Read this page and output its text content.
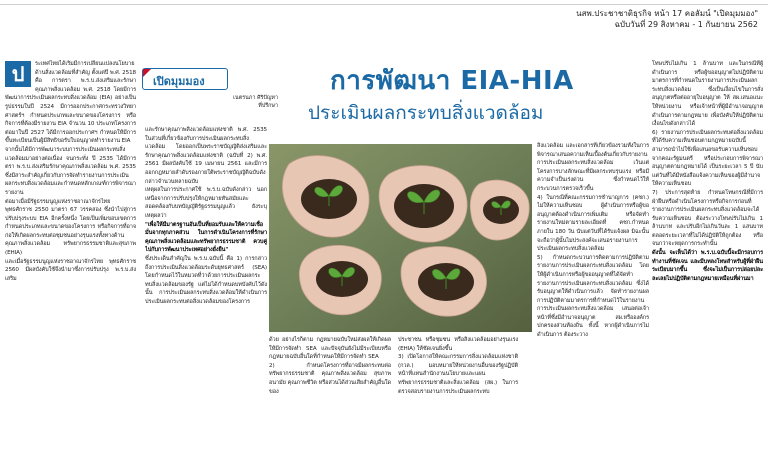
นสพ.ประชาชาติธุรกิจ หน้า 17 คอลัมน์ "เปิดมุมมอง"
ฉบับวันที่ 29 สิงหาคม - 1 กันยายน 2562
ป	ระเทศไทยได้เริ่มมีการเปลี่ยนแปลงนโยบายด้านสิ่งแวดล้อมที่สำคัญ ตั้งแต่ปี พ.ศ. 2518 คือ การตรา พ.ร.บ.ส่งเสริมและรักษาคุณภาพสิ่งแวดล้อม พ.ศ. 2518 โดยมีการพัฒนาการประเมินผลกระทบสิ่งแวดล้อม (EIA) อย่างเป็นรูปธรรมในปี 2524 มีการออกประกาศกระทรวงวิทยาศาสตร์ฯ กำหนดประเภทและขนาดของโครงการ หรือกิจการที่ต้องมีรายงาน EIA จำนวน 10 ประเภทโครงการ ต่อมาในปี 2527 ได้มีการออกประกาศฯ กำหนดให้มีการขึ้นทะเบียนเป็นผู้มีสิทธิขอรับใบอนุญาตทำรายงาน EIA

จากนั้นได้มีการพัฒนาระบบการประเมินผลกระทบสิ่งแวดล้อมมาอย่างต่อเนื่อง จนกระทั่ง ปี 2535 ได้มีการตรา พ.ร.บ.ส่งเสริมรักษาคุณภาพสิ่งแวดล้อม พ.ศ. 2535 ซึ่งมีสาระสำคัญเกี่ยวกับการจัดทำรายงานการประเมินผลกระทบสิ่งแวดล้อมและกำหนดหลักเกณฑ์การพิจารณารายงาน

ต่อมาเมื่อมีรัฐธรรมนูญแห่งราชอาณาจักรไทย พุทธศักราช 2550 มาตรา 67 วรรคสอง ซึ่งนำไปสู่การปรับปรุงระบบ EIA อีกครั้งหนึ่ง โดยเป็นเพิ่มขอบเขตการกำหนดประเภทและขนาดของโครงการ หรือกิจการที่อาจก่อให้เกิดผลกระทบต่อชุมชนอย่างรุนแรงทั้งทางด้านคุณภาพสิ่งแวดล้อม ทรัพยากรธรรมชาติและสุขภาพ (EHIA)

และเมื่อรัฐธรรมนูญแห่งราชอาณาจักรไทย พุทธศักราช 2560 มีผลบังคับใช้จึงนำมาซึ่งการปรับปรุง พ.ร.บ.ส่งเสริม

เปิดมุมมอง
เนตรนภา ศิริปัญหา
ที่ปรึกษา
การพัฒนา EIA-HIA
ประเมินผลกระทบสิ่งแวดล้อม

และรักษาคุณภาพสิ่งแวดล้อมแห่งชาติ พ.ศ. 2535 ในส่วนที่เกี่ยวข้องกับการประเมินผลกระทบสิ่งแวดล้อม โดยออกเป็นพระราชบัญญัติส่งเสริมและรักษาคุณภาพสิ่งแวดล้อมแห่งชาติ (ฉบับที่ 2) พ.ศ. 2561 มีผลบังคับใช้ 19 เมษายน 2561 และมีการออกกฎหมายลำดับรองภายใต้พระราชบัญญัติฉบับดังกล่าวจำนวนหลายฉบับ

เหตุผลในการประกาศใช้ พ.ร.บ.ฉบับดังกล่าว นอกเหนือจากการปรับปรุงให้กฎหมายทันสมัยและสอดคล้องกับบทบัญญัติรัฐธรรมนูญแล้ว ยังระบุเหตุผลว่า

"เพื่อให้มีมาตรฐานอันเป็นที่ยอมรับและให้ความเชื่อมั่นจากทุกภาคส่วน ในการดำเนินโครงการที่รักษาคุณภาพสิ่งแวดล้อมและทรัพยากรธรรมชาติ ควบคู่ไปกับการพัฒนาประเทศอย่างยั่งยืน"

ซึ่งประเด็นสำคัญใน พ.ร.บ.ฉบับนี้ คือ 1) การกล่าวถึงการประเมินสิ่งแวดล้อมระดับยุทธศาสตร์ (SEA) โดยกำหนดไว้ในหมวดที่ว่าด้วยการประเมินผลกระทบสิ่งแวดล้อมของรัฐ แต่ไม่ได้กำหนดบทบังคับไว้ดังนั้น การประเมินผลกระทบสิ่งแวดล้อมให้ดำเนินการประเมินผลกระทบต่อสิ่งแวดล้อมของโครงการ

ด้วย อย่างไรก็ตาม กฎหมายฉบับใหม่ส่งผลให้เกิดผลให้มีการจัดทำ SEA และปัจจุบันยังไม่มีระเบียบหรือกฎหมายฉบับอื่นใดที่กำหนดให้มีการจัดทำ SEA

2) กำหนดโครงการที่อาจมีผลกระทบต่อทรัพยากรธรรมชาติ คุณภาพสิ่งแวดล้อม สุขภาพ อนามัย คุณภาพชีวิต หรือส่วนได้ส่วนเสียสำคัญอื่นใดของ

ประชาชน หรือชุมชน หรือสิ่งแวดล้อมอย่างรุนแรง (EHIA) ให้ชัดเจนยิ่งขึ้น

3) เปิดโอกาสให้คณะกรรมการสิ่งแวดล้อมแห่งชาติ (กวล.) มอบหมายให้หน่วยงานอื่นของรัฐปฏิบัติหน้าที่แทนสำนักงานนโยบายและแผนทรัพยากรธรรมชาติและสิ่งแวดล้อม (สผ.) ในการตรวจสอบรายงานการประเมินผลกระทบ

สิ่งแวดล้อม และเอกสารที่เกี่ยวข้องรวมทั้งในการพิจารณาเสนอความเห็นเบื้องต้นเกี่ยวกับรายงานการประเมินผลกระทบสิ่งแวดล้อม เว้นแต่โครงการบางลักษณะที่มีผลกระทบรุนแรง หรือมีความจำเป็นเร่งด่วน ซึ่งกำหนดไว้ให้กระบวนการตรวจเร็วขึ้น

4) ในกรณีที่คณะกรรมการชำนาญการ (คชก.) ไม่ให้ความเห็นชอบ ผู้ดำเนินการหรือผู้ขออนุญาตต้องดำเนินการเพิ่มเติม หรือจัดทำรายงานใหม่ตามรายละเอียดที่ คชก.กำหนดภายใน 180 วัน นับแต่วันที่ได้รับแจ้งผล มิฉะนั้น จะถือว่าผู้นั้นไม่ประสงค์จะเสนอรายงานการประเมินผลกระทบสิ่งแวดล้อม

5) กำหนดกระบวนการติดตามการปฏิบัติตามรายงานการประเมินผลกระทบสิ่งแวดล้อม โดยให้ผู้ดำเนินการหรือผู้ขออนุญาตที่ได้จัดทำรายงานการประเมินผลกระทบสิ่งแวดล้อม ซึ่งได้รับอนุญาตให้ดำเนินการแล้ว จัดทำรายงานผลการปฏิบัติตามมาตรการที่กำหนดไว้ในรายงานการประเมินผลกระทบสิ่งแวดล้อม เสนอต่อเจ้าหน้าที่ซึ่งมีอำนาจอนุญาต สผ.หรือองค์กรปกครองส่วนท้องถิ่น ทั้งนี้ หากผู้ดำเนินการไม่ดำเนินการ ต้องระวาง

โทษปรับไม่เกิน 1 ล้านบาท และในกรณีที่ผู้ดำเนินการ หรือผู้ขออนุญาตไม่ปฏิบัติตามมาตรการที่กำหนดในรายงานการประเมินผลกระทบสิ่งแวดล้อม ซึ่งเป็นเงื่อนไขในการสั่งอนุญาตหรือต่ออายุใบอนุญาต ให้ สผ.เสนอแนะให้หน่วยงาน หรือเจ้าหน้าที่ผู้มีอำนาจอนุญาตดำเนินการตามกฎหมาย เพื่อบังคับให้ปฏิบัติตามเงื่อนไขดังกล่าวได้

6) รายงานการประเมินผลกระทบต่อสิ่งแวดล้อมที่ได้รับความเห็นชอบตามกฎหมายฉบับนี้ สามารถนำไปใช้เพื่อเสนอขอรับความเห็นชอบจากคณะรัฐมนตรี หรือประกอบการพิจารณาอนุญาตตามกฎหมายได้ เป็นระยะเวลา 5 ปี นับแต่วันที่ได้มีหนังสือแจ้งความเห็นของผู้มีอำนาจให้ความเห็นชอบ

7) ประการสุดท้าย กำหนดโทษกรณีที่มีการฝ่าฝืนหรือดำเนินโครงการหรือกิจการก่อนที่รายงานการประเมินผลกระทบสิ่งแวดล้อมจะได้รับความเห็นชอบ ต้องระวางโทษปรับไม่เกิน 1 ล้านบาท และปรับอีกไม่เกินวันละ 1 แสนบาท ตลอดระยะเวลาที่ไม่ได้ปฏิบัติให้ถูกต้อง หรือจนกว่าจะหยุดการกระทำนั้น

ดังนั้น จะเห็นได้ว่า พ.ร.บ.ฉบับนี้จะมีกรอบการทำงานที่ชัดเจน และมีบทลงโทษสำหรับผู้ที่ฝ่าฝืนระเบียบมากขึ้น ซึ่งจะไม่เป็นการปล่อยปละละเลยไม่ปฏิบัติตามกฎหมายเหมือนที่ผ่านมา
